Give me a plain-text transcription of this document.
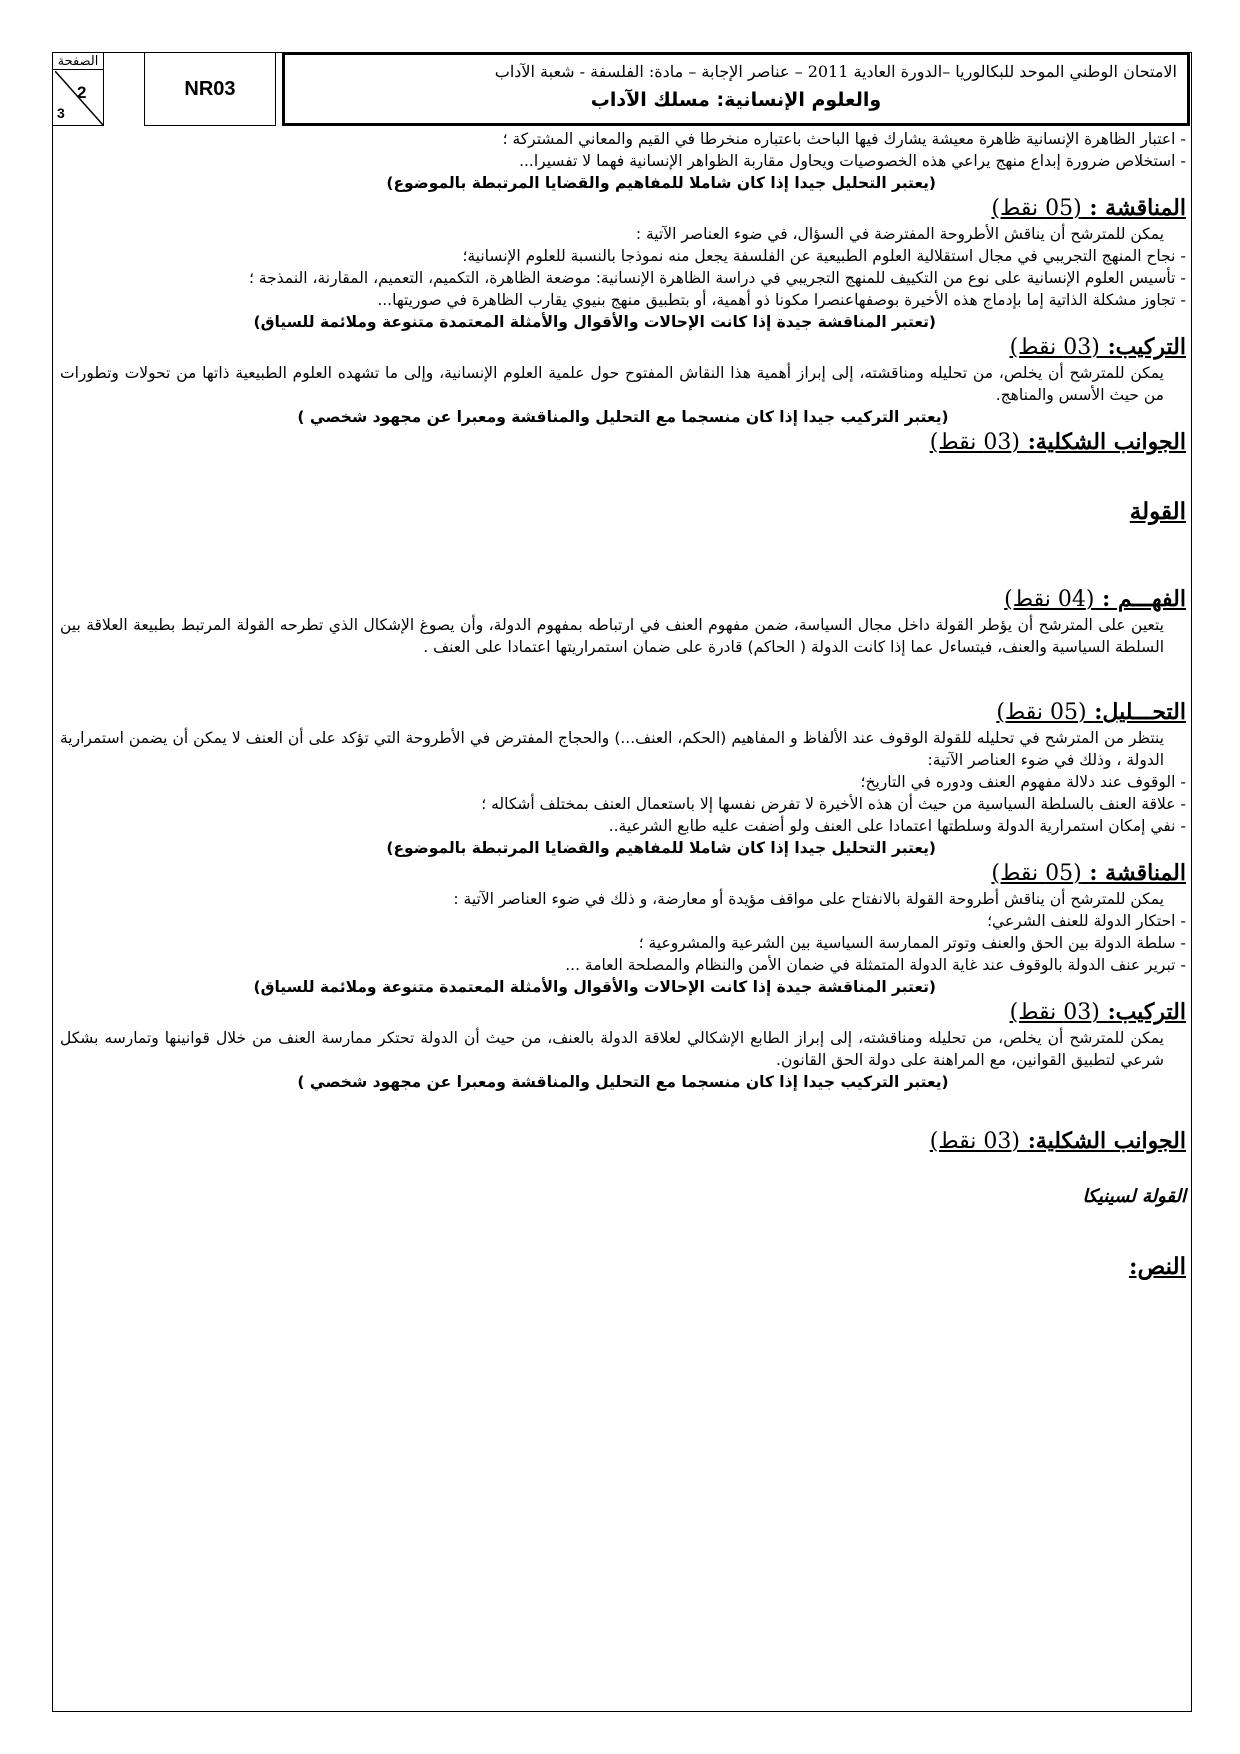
الامتحان الوطني الموحد للبكالوريا –الدورة العادية 2011 – عناصر الإجابة – مادة: الفلسفة - شعبة الآداب
والعلوم الإنسانية: مسلك الآداب
NR03
الصفحة
2
3

- اعتبار الظاهرة الإنسانية ظاهرة معيشة يشارك فيها الباحث باعتباره منخرطا في القيم والمعاني المشتركة ؛

- استخلاص ضرورة إبداع منهج يراعي هذه الخصوصيات ويحاول مقاربة الظواهر الإنسانية فهما لا تفسيرا...

(يعتبر التحليل جيدا إذا كان شاملا للمفاهيم والقضايا المرتبطة بالموضوع)

المناقشة : (05 نقط)

يمكن للمترشح أن يناقش الأطروحة المفترضة في السؤال، في ضوء العناصر الآتية :

- نجاح المنهج التجريبي في مجال استقلالية العلوم الطبيعية عن الفلسفة يجعل منه نموذجا بالنسبة للعلوم الإنسانية؛

- تأسيس العلوم الإنسانية على نوع من التكييف للمنهج التجريبي في دراسة الظاهرة الإنسانية: موضعة الظاهرة، التكميم، التعميم، المقارنة، النمذجة ؛

- تجاوز مشكلة الذاتية إما بإدماج هذه الأخيرة بوصفهاعنصرا مكونا ذو أهمية، أو بتطبيق منهج بنيوي يقارب الظاهرة في صوريتها...

(تعتبر المناقشة جيدة إذا كانت الإحالات والأقوال والأمثلة المعتمدة متنوعة وملائمة للسياق)

التركيب: (03 نقط)

يمكن للمترشح أن يخلص، من تحليله ومناقشته، إلى إبراز أهمية هذا النقاش المفتوح حول علمية العلوم الإنسانية، وإلى ما تشهده العلوم الطبيعية ذاتها من تحولات وتطورات من حيث الأسس والمناهج.

(يعتبر التركيب جيدا إذا كان منسجما مع التحليل والمناقشة ومعبرا عن مجهود شخصي )

الجوانب الشكلية: (03 نقط)

القولة

الفهـــم : (04 نقط)

يتعين على المترشح أن يؤطر القولة داخل مجال السياسة، ضمن مفهوم العنف في ارتباطه بمفهوم الدولة، وأن يصوغ الإشكال الذي تطرحه القولة المرتبط بطبيعة العلاقة بين السلطة السياسية والعنف، فيتساءل عما إذا كانت الدولة ( الحاكم) قادرة على ضمان استمراريتها اعتمادا على العنف .

التحـــليل: (05 نقط)

ينتظر من المترشح في تحليله للقولة الوقوف عند الألفاظ و المفاهيم (الحكم، العنف...) والحجاج المفترض في الأطروحة التي تؤكد على أن العنف لا يمكن أن يضمن استمرارية الدولة ، وذلك في ضوء العناصر الآتية:

- الوقوف عند دلالة مفهوم العنف ودوره في التاريخ؛

- علاقة العنف بالسلطة السياسية من حيث أن هذه الأخيرة لا تفرض نفسها إلا باستعمال العنف بمختلف أشكاله ؛

- نفي إمكان استمرارية الدولة وسلطتها اعتمادا على العنف ولو أضفت عليه طابع الشرعية..

(يعتبر التحليل جيدا إذا كان شاملا للمفاهيم والقضايا المرتبطة بالموضوع)

المناقشة : (05 نقط)

يمكن للمترشح أن يناقش أطروحة القولة بالانفتاح على مواقف مؤيدة أو معارضة، و ذلك في ضوء العناصر الآتية :

- احتكار الدولة للعنف الشرعي؛

- سلطة الدولة بين الحق والعنف وتوتر الممارسة السياسية بين الشرعية والمشروعية ؛

- تبرير عنف الدولة بالوقوف عند غاية الدولة المتمثلة في ضمان الأمن والنظام والمصلحة العامة ...

(تعتبر المناقشة جيدة إذا كانت الإحالات والأقوال والأمثلة المعتمدة متنوعة وملائمة للسياق)

التركيب: (03 نقط)

يمكن للمترشح أن يخلص، من تحليله ومناقشته، إلى إبراز الطابع الإشكالي لعلاقة الدولة بالعنف، من حيث أن الدولة تحتكر ممارسة العنف من خلال قوانينها وتمارسه بشكل شرعي لتطبيق القوانين، مع المراهنة على دولة الحق القانون.

(يعتبر التركيب جيدا إذا كان منسجما مع التحليل والمناقشة ومعبرا عن مجهود شخصي )

الجوانب الشكلية: (03 نقط)

القولة لسينيكا

النص:
